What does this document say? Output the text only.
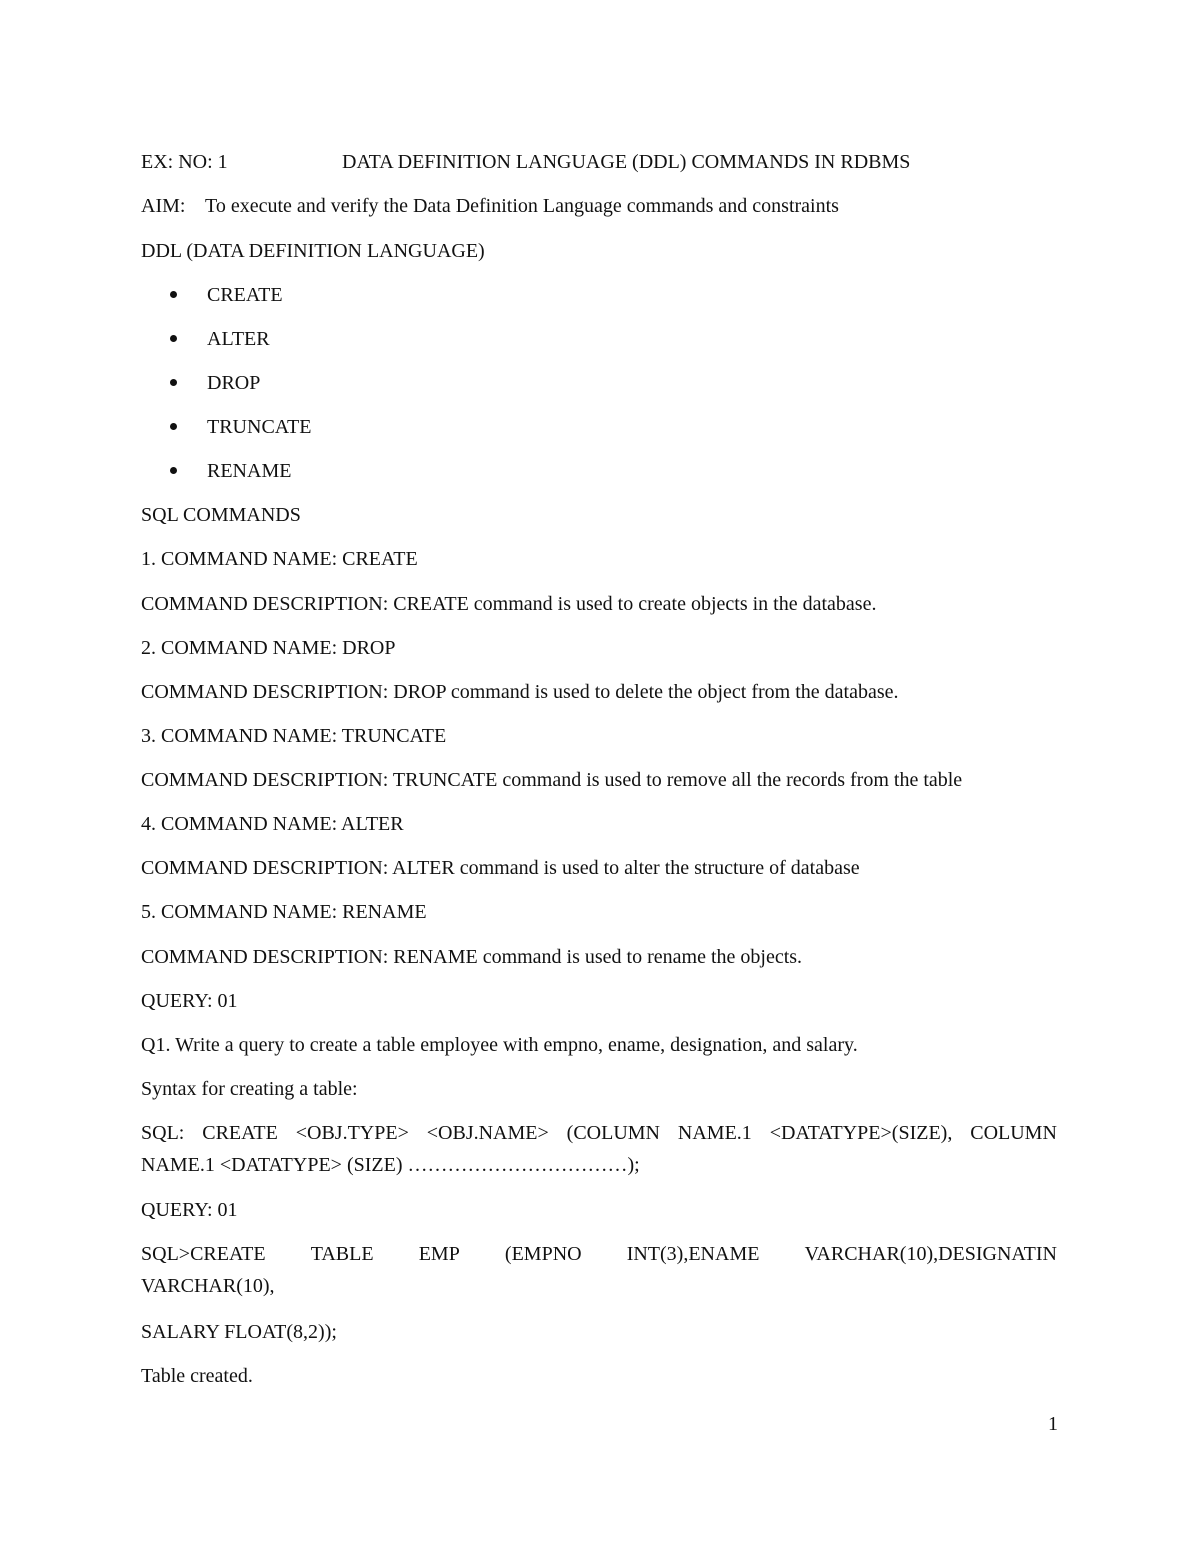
EX: NO: 1	DATA DEFINITION LANGUAGE (DDL) COMMANDS IN RDBMS
AIM: To execute and verify the Data Definition Language commands and constraints
DDL (DATA DEFINITION LANGUAGE)
CREATE
ALTER
DROP
TRUNCATE
RENAME
SQL COMMANDS
1. COMMAND NAME: CREATE
COMMAND DESCRIPTION: CREATE command is used to create objects in the database.
2. COMMAND NAME: DROP
COMMAND DESCRIPTION: DROP command is used to delete the object from the database.
3. COMMAND NAME: TRUNCATE
COMMAND DESCRIPTION: TRUNCATE command is used to remove all the records from the table
4. COMMAND NAME: ALTER
COMMAND DESCRIPTION: ALTER command is used to alter the structure of database
5. COMMAND NAME: RENAME
COMMAND DESCRIPTION: RENAME command is used to rename the objects.
QUERY: 01
Q1. Write a query to create a table employee with empno, ename, designation, and salary.
Syntax for creating a table:
SQL: CREATE <OBJ.TYPE> <OBJ.NAME> (COLUMN NAME.1 <DATATYPE>(SIZE), COLUMN
NAME.1 <DATATYPE> (SIZE) ……………………………);
QUERY: 01
SQL>CREATE TABLE EMP (EMPNO INT(3),ENAME VARCHAR(10),DESIGNATIN
VARCHAR(10),
SALARY FLOAT(8,2));
Table created.
1
